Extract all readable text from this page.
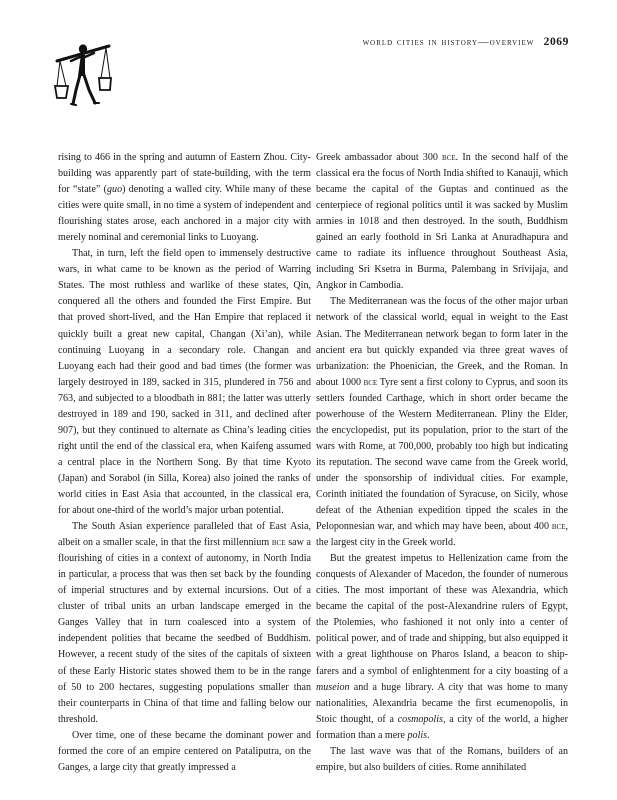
world cities in history—overview 2069

rising to 466 in the spring and autumn of Eastern Zhou. City-building was apparently part of state-building, with the term for “state” (guo) denoting a walled city. While many of these cities were quite small, in no time a system of independent and flourishing states arose, each anchored in a major city with merely nominal and ceremonial links to Luoyang.

That, in turn, left the field open to immensely destructive wars, in what came to be known as the period of Warring States. The most ruthless and warlike of these states, Qin, conquered all the others and founded the First Empire. But that proved short-lived, and the Han Empire that replaced it quickly built a great new capital, Changan (Xi’an), while continuing Luoyang in a secondary role. Changan and Luoyang each had their good and bad times (the former was largely destroyed in 189, sacked in 315, plundered in 756 and 763, and subjected to a bloodbath in 881; the latter was utterly destroyed in 189 and 190, sacked in 311, and declined after 907), but they continued to alternate as China’s leading cities right until the end of the classical era, when Kaifeng assumed a central place in the Northern Song. By that time Kyoto (Japan) and Sorabol (in Silla, Korea) also joined the ranks of world cities in East Asia that accounted, in the classical era, for about one-third of the world’s major urban potential.

The South Asian experience paralleled that of East Asia, albeit on a smaller scale, in that the first millennium bce saw a flourishing of cities in a context of autonomy, in North India in particular, a process that was then set back by the founding of imperial structures and by external incursions. Out of a cluster of tribal units an urban landscape emerged in the Ganges Valley that in turn coalesced into a system of independent polities that became the seedbed of Buddhism. However, a recent study of the sites of the capitals of sixteen of these Early Historic states showed them to be in the range of 50 to 200 hectares, suggesting populations smaller than their counterparts in China of that time and falling below our threshold.

Over time, one of these became the dominant power and formed the core of an empire centered on Pataliputra, on the Ganges, a large city that greatly impressed a

Greek ambassador about 300 bce. In the second half of the classical era the focus of North India shifted to Kanauji, which became the capital of the Guptas and continued as the centerpiece of regional politics until it was sacked by Muslim armies in 1018 and then destroyed. In the south, Buddhism gained an early foothold in Sri Lanka at Anuradhapura and came to radiate its influence throughout Southeast Asia, including Sri Ksetra in Burma, Palembang in Srivijaja, and Angkor in Cambodia.

The Mediterranean was the focus of the other major urban network of the classical world, equal in weight to the East Asian. The Mediterranean network began to form later in the ancient era but quickly expanded via three great waves of urbanization: the Phoenician, the Greek, and the Roman. In about 1000 bce Tyre sent a first colony to Cyprus, and soon its settlers founded Carthage, which in short order became the powerhouse of the Western Mediterranean. Pliny the Elder, the encyclopedist, put its population, prior to the start of the wars with Rome, at 700,000, probably too high but indicating its reputation. The second wave came from the Greek world, under the sponsorship of individual cities. For example, Corinth initiated the foundation of Syracuse, on Sicily, whose defeat of the Athenian expedition tipped the scales in the Peloponnesian war, and which may have been, about 400 bce, the largest city in the Greek world.

But the greatest impetus to Hellenization came from the conquests of Alexander of Macedon, the founder of numerous cities. The most important of these was Alexandria, which became the capital of the post-Alexandrine rulers of Egypt, the Ptolemies, who fashioned it not only into a center of political power, and of trade and shipping, but also equipped it with a great lighthouse on Pharos Island, a beacon to ship-farers and a symbol of enlightenment for a city boasting of a museion and a huge library. A city that was home to many nationalities, Alexandria became the first ecumenopolis, in Stoic thought, of a cosmopolis, a city of the world, a higher formation than a mere polis.

The last wave was that of the Romans, builders of an empire, but also builders of cities. Rome annihilated
